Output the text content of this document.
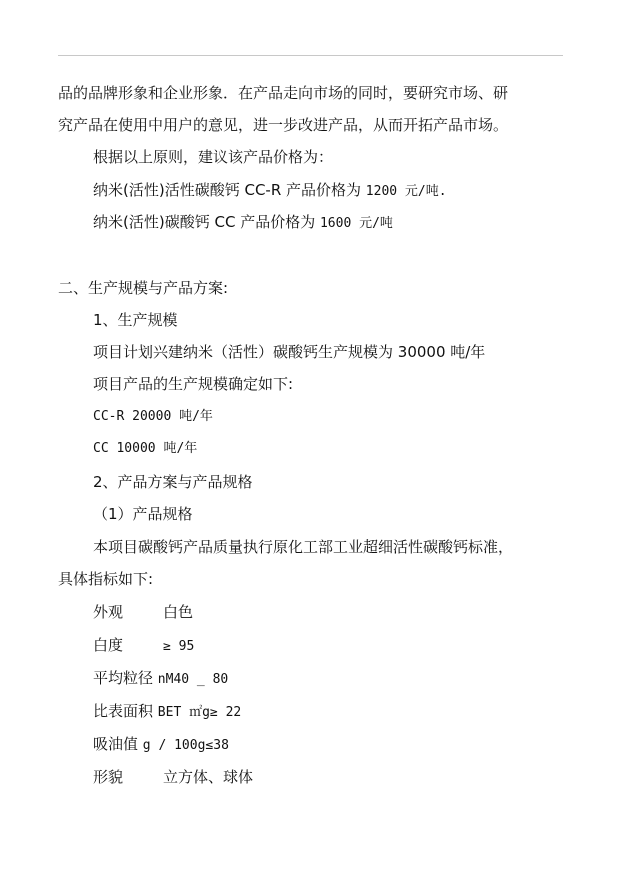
品的品牌形象和企业形象．在产品走向市场的同时，要研究市场、研
究产品在使用中用户的意见，进一步改进产品，从而开拓产品市场。
根据以上原则，建议该产品价格为：
纳米(活性)活性碳酸钙 CC-R 产品价格为 1200 元/吨.
纳米(活性)碳酸钙 CC 产品价格为 1600 元/吨
二、生产规模与产品方案:
1、生产规模
项目计划兴建纳米（活性）碳酸钙生产规模为 30000 吨/年
项目产品的生产规模确定如下:
CC-R 20000 吨/年
CC 10000 吨/年
2、产品方案与产品规格
（1）产品规格
本项目碳酸钙产品质量执行原化工部工业超细活性碳酸钙标准，
具体指标如下:
外观	白色
白度	≥ 95
平均粒径 nM40 _ 80
比表面积 BET ㎡g≥ 22
吸油值 g / 100g≤38
形貌	立方体、球体
